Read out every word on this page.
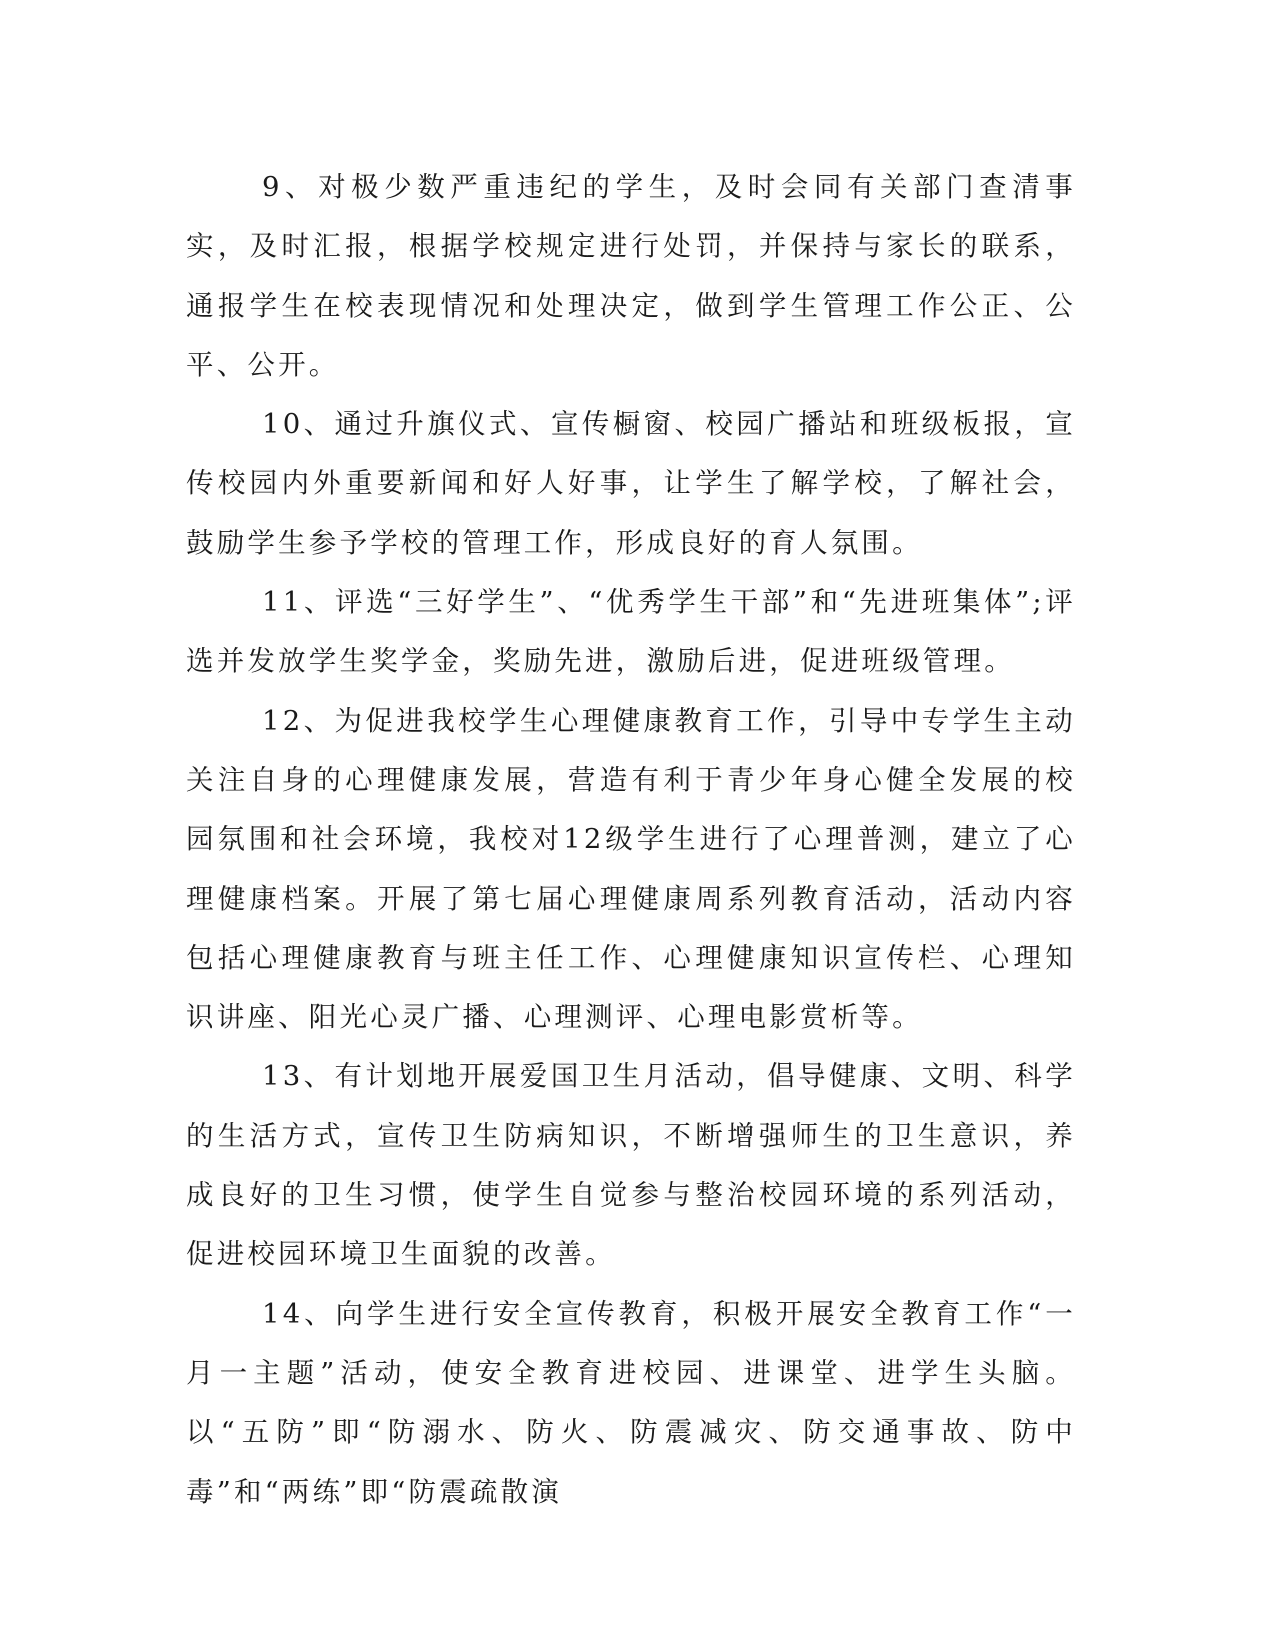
9、对极少数严重违纪的学生，及时会同有关部门查清事实，及时汇报，根据学校规定进行处罚，并保持与家长的联系，通报学生在校表现情况和处理决定，做到学生管理工作公正、公平、公开。

10、通过升旗仪式、宣传橱窗、校园广播站和班级板报，宣传校园内外重要新闻和好人好事，让学生了解学校，了解社会，鼓励学生参予学校的管理工作，形成良好的育人氛围。

11、评选“三好学生”、“优秀学生干部”和“先进班集体”;评选并发放学生奖学金，奖励先进，激励后进，促进班级管理。

12、为促进我校学生心理健康教育工作，引导中专学生主动关注自身的心理健康发展，营造有利于青少年身心健全发展的校园氛围和社会环境，我校对12级学生进行了心理普测，建立了心理健康档案。开展了第七届心理健康周系列教育活动，活动内容包括心理健康教育与班主任工作、心理健康知识宣传栏、心理知识讲座、阳光心灵广播、心理测评、心理电影赏析等。

13、有计划地开展爱国卫生月活动，倡导健康、文明、科学的生活方式，宣传卫生防病知识，不断增强师生的卫生意识，养成良好的卫生习惯，使学生自觉参与整治校园环境的系列活动，促进校园环境卫生面貌的改善。

14、向学生进行安全宣传教育，积极开展安全教育工作“一月一主题”活动，使安全教育进校园、进课堂、进学生头脑。以“五防”即“防溺水、防火、防震减灾、防交通事故、防中毒”和“两练”即“防震疏散演
